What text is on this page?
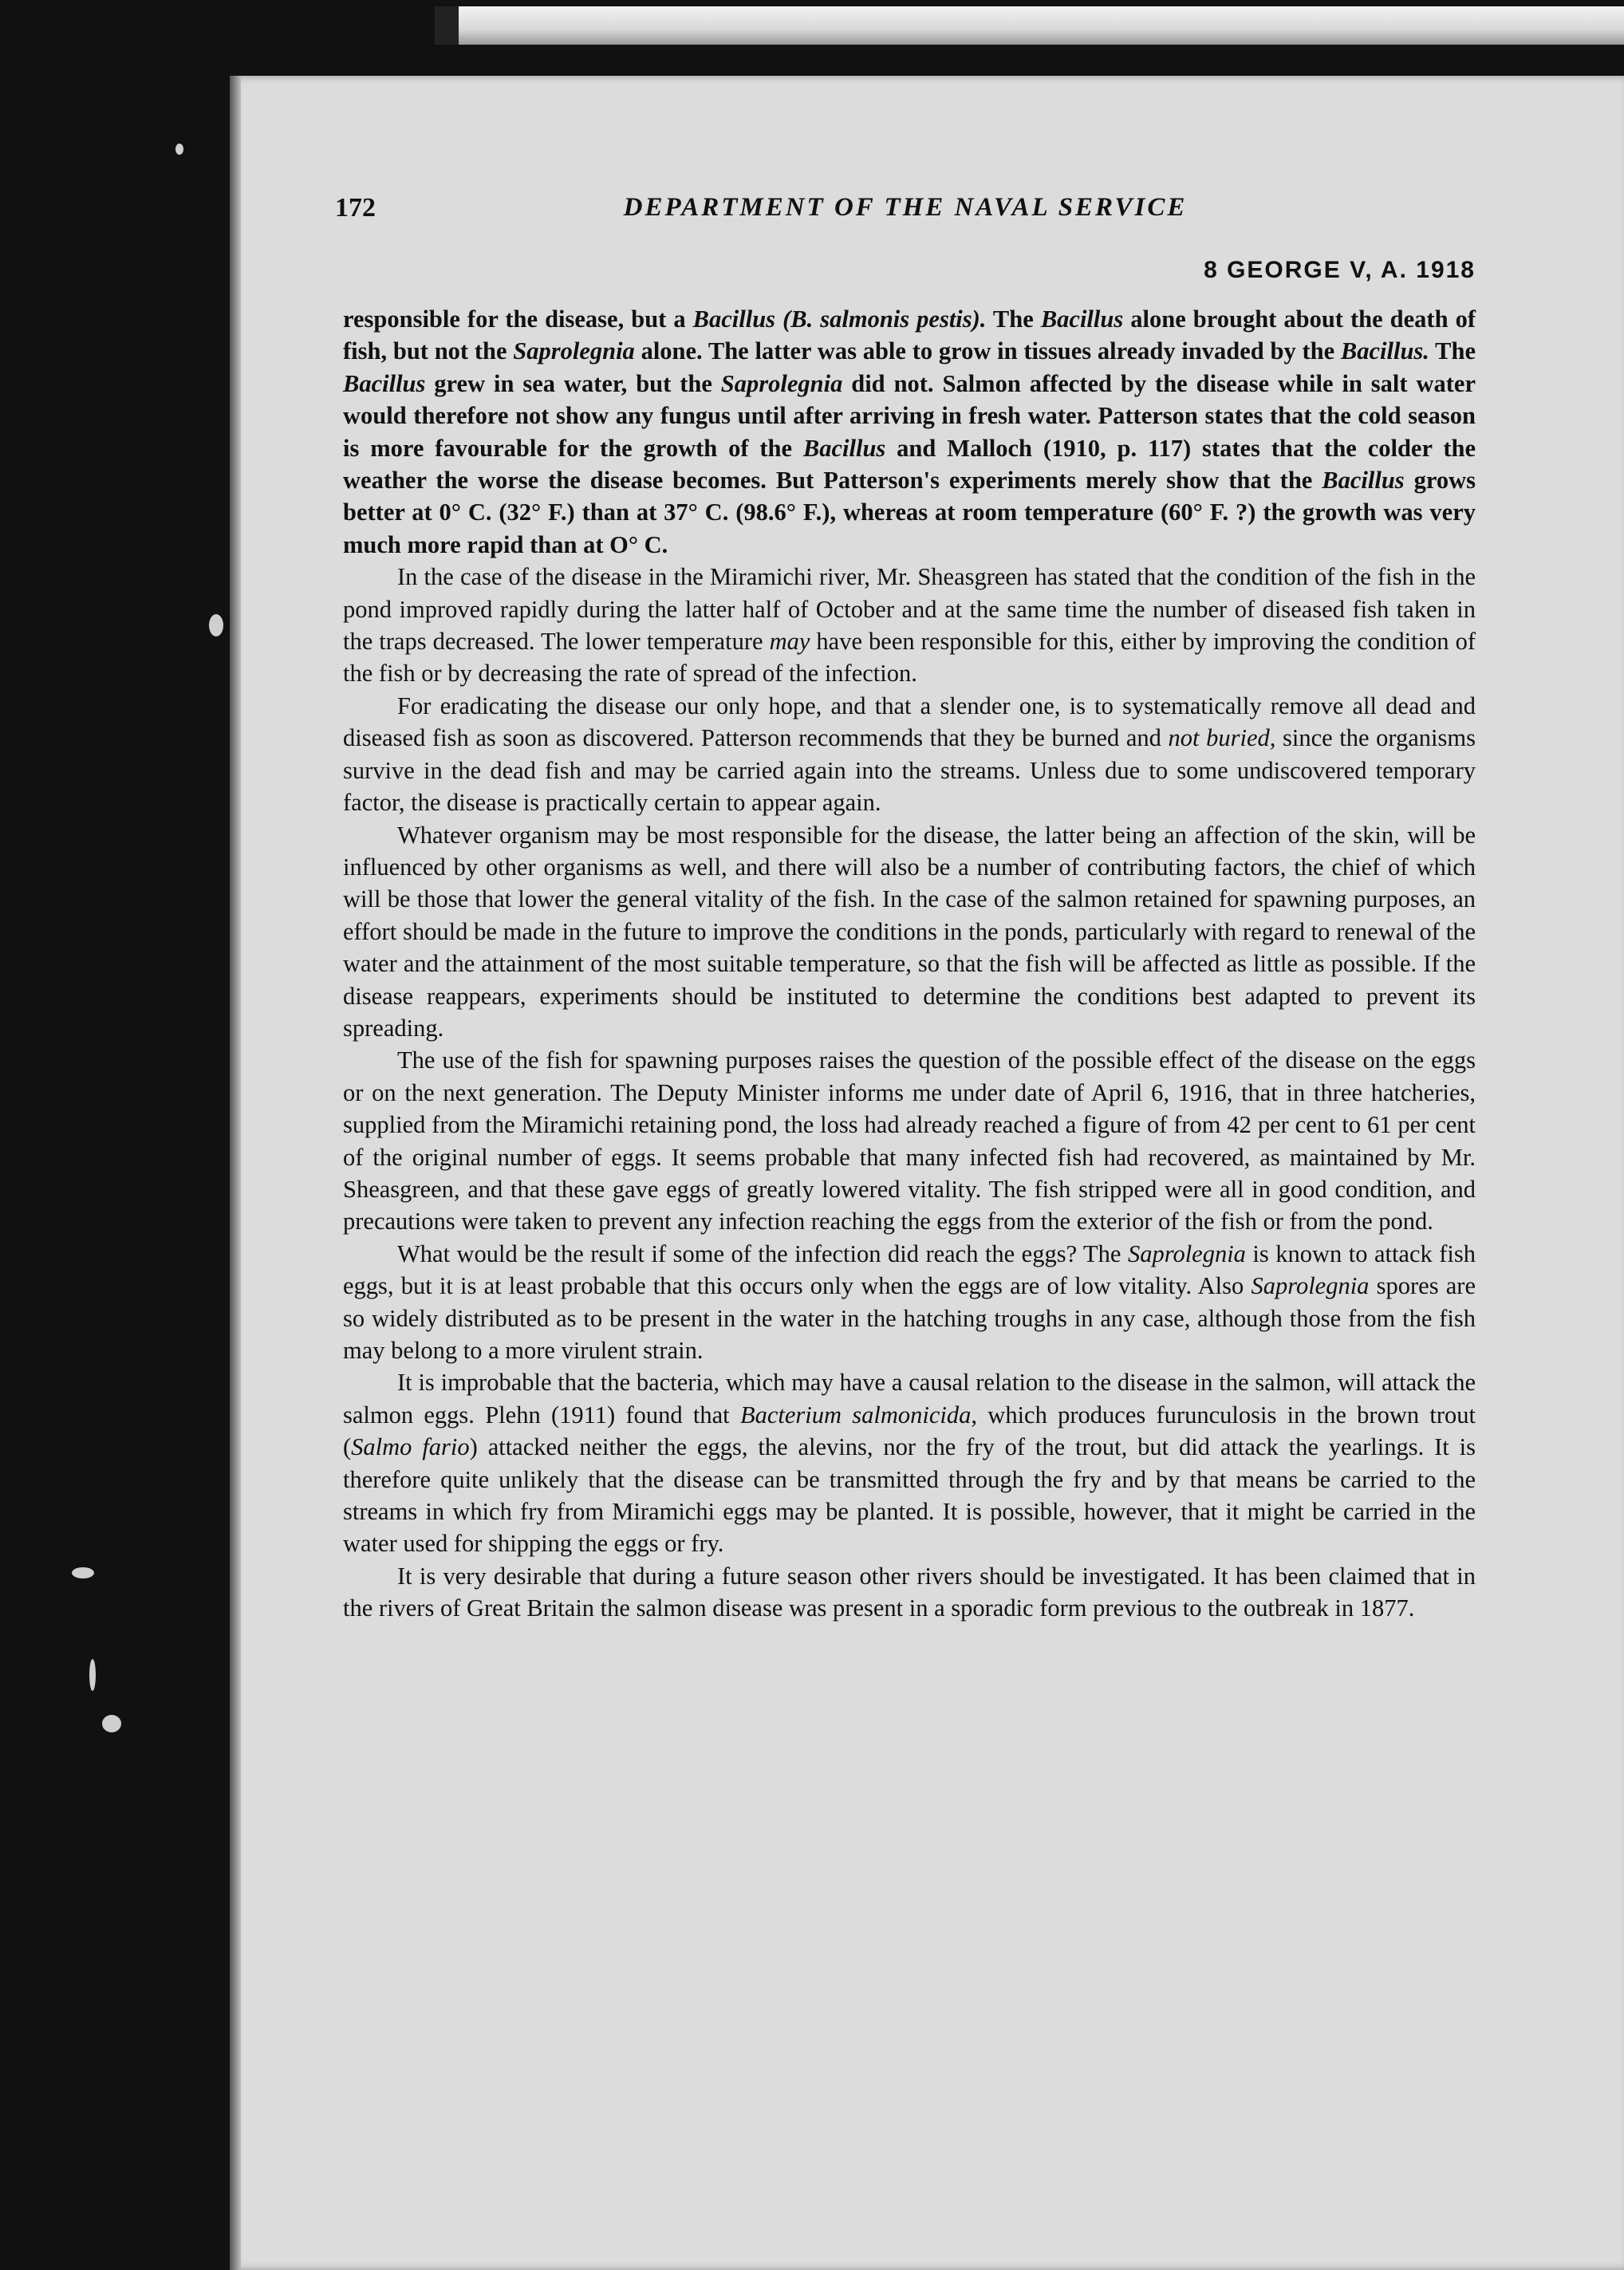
172	DEPARTMENT OF THE NAVAL SERVICE
8 GEORGE V, A. 1918

responsible for the disease, but a Bacillus (B. salmonis pestis). The Bacillus alone brought about the death of fish, but not the Saprolegnia alone. The latter was able to grow in tissues already invaded by the Bacillus. The Bacillus grew in sea water, but the Saprolegnia did not. Salmon affected by the disease while in salt water would therefore not show any fungus until after arriving in fresh water. Patterson states that the cold season is more favourable for the growth of the Bacillus and Malloch (1910, p. 117) states that the colder the weather the worse the disease becomes. But Patterson's experiments merely show that the Bacillus grows better at 0° C. (32° F.) than at 37° C. (98.6° F.), whereas at room temperature (60° F. ?) the growth was very much more rapid than at O° C.

In the case of the disease in the Miramichi river, Mr. Sheasgreen has stated that the condition of the fish in the pond improved rapidly during the latter half of October and at the same time the number of diseased fish taken in the traps decreased. The lower temperature may have been responsible for this, either by improving the condition of the fish or by decreasing the rate of spread of the infection.

For eradicating the disease our only hope, and that a slender one, is to systematically remove all dead and diseased fish as soon as discovered. Patterson recommends that they be burned and not buried, since the organisms survive in the dead fish and may be carried again into the streams. Unless due to some undiscovered temporary factor, the disease is practically certain to appear again.

Whatever organism may be most responsible for the disease, the latter being an affection of the skin, will be influenced by other organisms as well, and there will also be a number of contributing factors, the chief of which will be those that lower the general vitality of the fish. In the case of the salmon retained for spawning purposes, an effort should be made in the future to improve the conditions in the ponds, particularly with regard to renewal of the water and the attainment of the most suitable temperature, so that the fish will be affected as little as possible. If the disease reappears, experiments should be instituted to determine the conditions best adapted to prevent its spreading.

The use of the fish for spawning purposes raises the question of the possible effect of the disease on the eggs or on the next generation. The Deputy Minister informs me under date of April 6, 1916, that in three hatcheries, supplied from the Miramichi retaining pond, the loss had already reached a figure of from 42 per cent to 61 per cent of the original number of eggs. It seems probable that many infected fish had recovered, as maintained by Mr. Sheasgreen, and that these gave eggs of greatly lowered vitality. The fish stripped were all in good condition, and precautions were taken to prevent any infection reaching the eggs from the exterior of the fish or from the pond.

What would be the result if some of the infection did reach the eggs? The Saprolegnia is known to attack fish eggs, but it is at least probable that this occurs only when the eggs are of low vitality. Also Saprolegnia spores are so widely distributed as to be present in the water in the hatching troughs in any case, although those from the fish may belong to a more virulent strain.

It is improbable that the bacteria, which may have a causal relation to the disease in the salmon, will attack the salmon eggs. Plehn (1911) found that Bacterium salmonicida, which produces furunculosis in the brown trout (Salmo fario) attacked neither the eggs, the alevins, nor the fry of the trout, but did attack the yearlings. It is therefore quite unlikely that the disease can be transmitted through the fry and by that means be carried to the streams in which fry from Miramichi eggs may be planted. It is possible, however, that it might be carried in the water used for shipping the eggs or fry.

It is very desirable that during a future season other rivers should be investigated. It has been claimed that in the rivers of Great Britain the salmon disease was present in a sporadic form previous to the outbreak in 1877.
